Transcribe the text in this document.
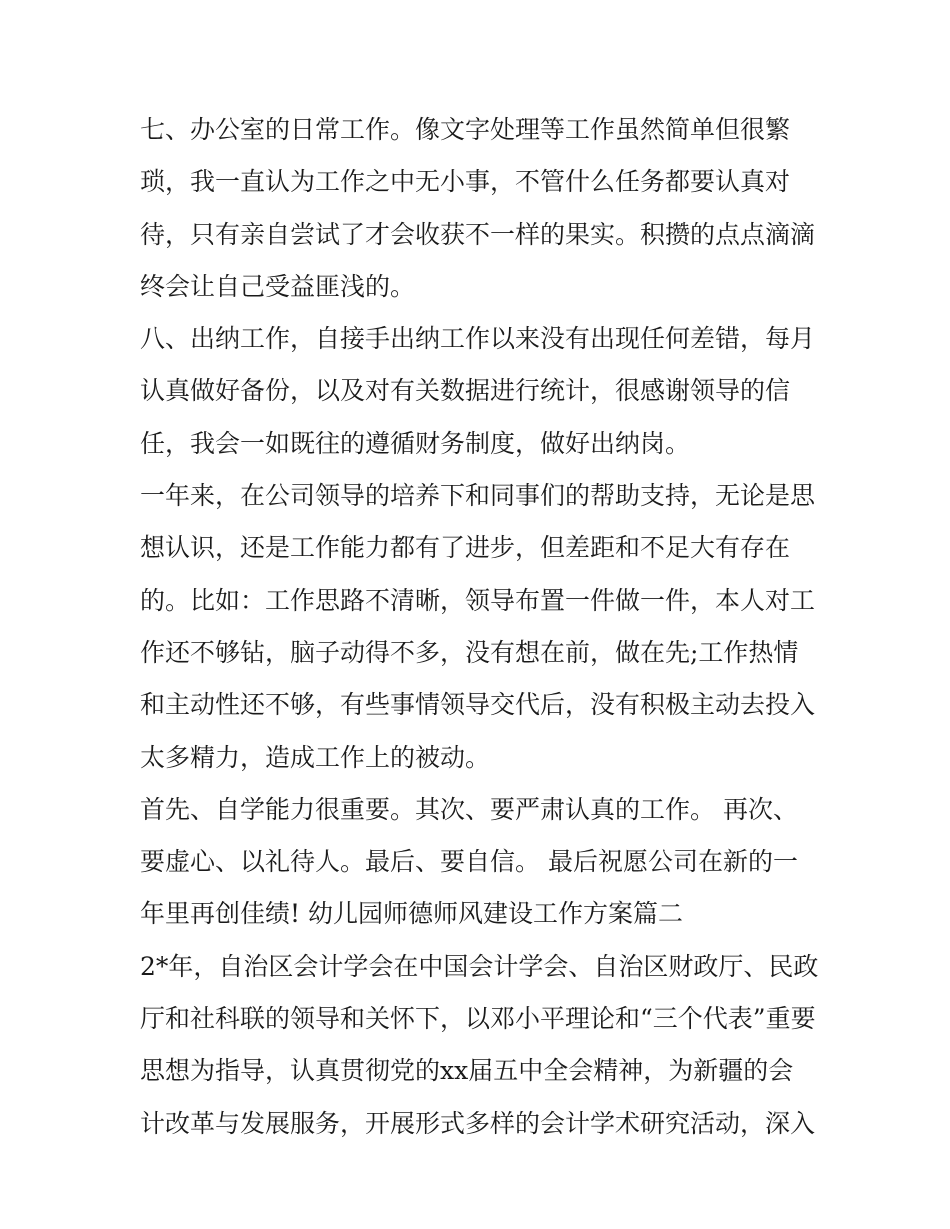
七、办公室的日常工作。像文字处理等工作虽然简单但很繁
琐，我一直认为工作之中无小事，不管什么任务都要认真对
待，只有亲自尝试了才会收获不一样的果实。积攒的点点滴滴
终会让自己受益匪浅的。
八、出纳工作，自接手出纳工作以来没有出现任何差错，每月
认真做好备份，以及对有关数据进行统计，很感谢领导的信
任，我会一如既往的遵循财务制度，做好出纳岗。
一年来，在公司领导的培养下和同事们的帮助支持，无论是思
想认识，还是工作能力都有了进步，但差距和不足大有存在
的。比如：工作思路不清晰，领导布置一件做一件，本人对工
作还不够钻，脑子动得不多，没有想在前，做在先;工作热情
和主动性还不够，有些事情领导交代后，没有积极主动去投入
太多精力，造成工作上的被动。
首先、自学能力很重要。其次、要严肃认真的工作。 再次、
要虚心、以礼待人。最后、要自信。 最后祝愿公司在新的一
年里再创佳绩! 幼儿园师德师风建设工作方案篇二
2*年，自治区会计学会在中国会计学会、自治区财政厅、民政
厅和社科联的领导和关怀下，以邓小平理论和“三个代表”重要
思想为指导，认真贯彻党的xx届五中全会精神，为新疆的会
计改革与发展服务，开展形式多样的会计学术研究活动，深入
